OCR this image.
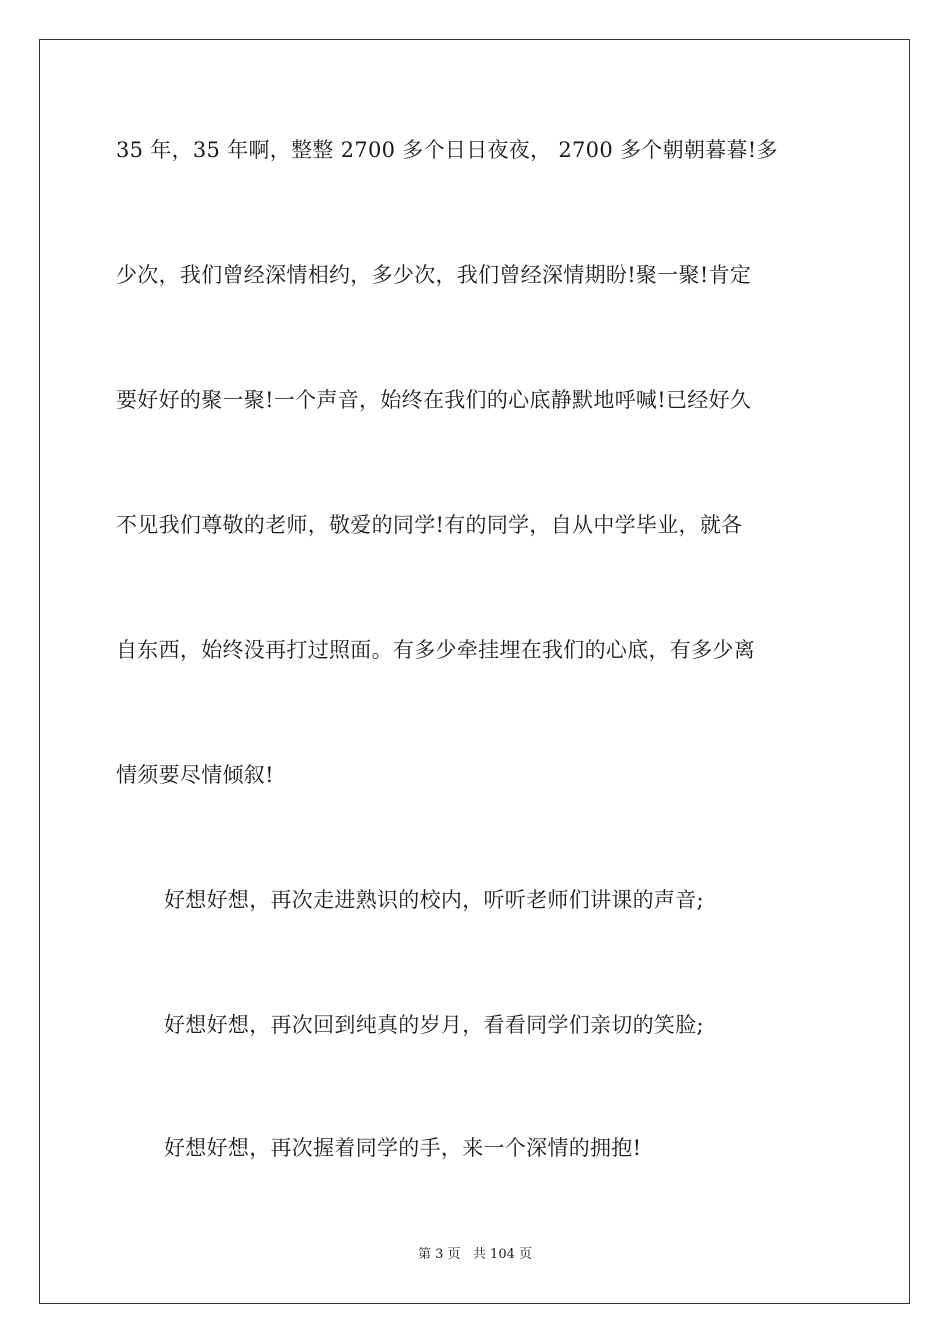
35 年，35 年啊，整整 2700 多个日日夜夜， 2700 多个朝朝暮暮!多
少次，我们曾经深情相约，多少次，我们曾经深情期盼!聚一聚!肯定
要好好的聚一聚!一个声音，始终在我们的心底静默地呼喊!已经好久
不见我们尊敬的老师，敬爱的同学!有的同学，自从中学毕业，就各
自东西，始终没再打过照面。有多少牵挂埋在我们的心底，有多少离
情须要尽情倾叙!
好想好想，再次走进熟识的校内，听听老师们讲课的声音;
好想好想，再次回到纯真的岁月，看看同学们亲切的笑脸;
好想好想，再次握着同学的手，来一个深情的拥抱!
第 3 页   共 104 页
